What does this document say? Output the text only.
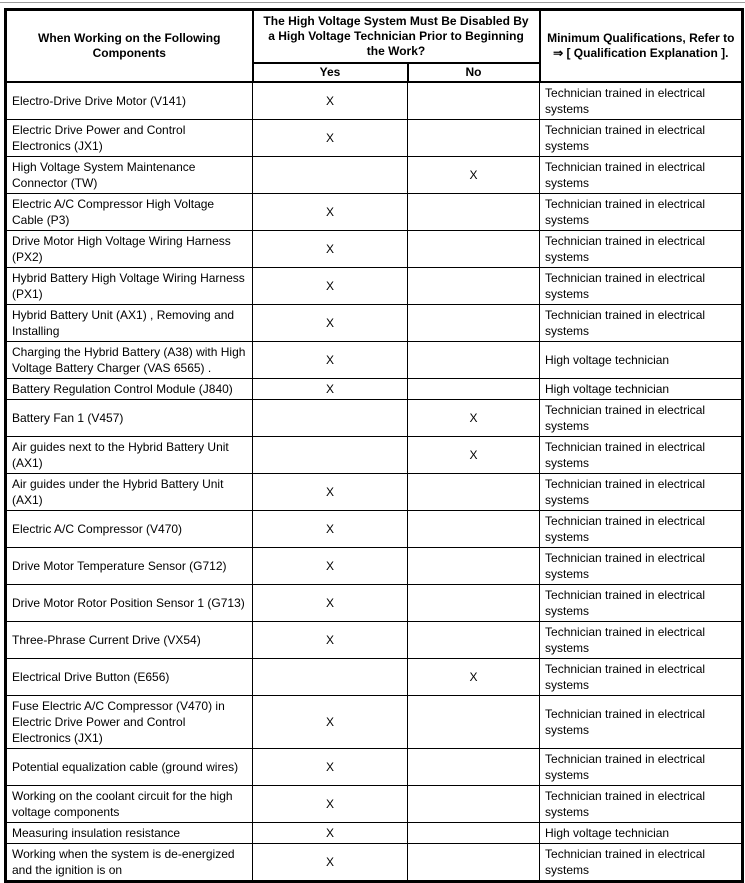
When Working on the Following Components	The High Voltage System Must Be Disabled By a High Voltage Technician Prior to Beginning the Work?		Minimum Qualifications, Refer to ⇒ [ Qualification Explanation ].
	Yes	No	
Electro-Drive Drive Motor (V141)	X		Technician trained in electrical systems
Electric Drive Power and Control Electronics (JX1)	X		Technician trained in electrical systems
High Voltage System Maintenance Connector (TW)		X	Technician trained in electrical systems
Electric A/C Compressor High Voltage Cable (P3)	X		Technician trained in electrical systems
Drive Motor High Voltage Wiring Harness (PX2)	X		Technician trained in electrical systems
Hybrid Battery High Voltage Wiring Harness (PX1)	X		Technician trained in electrical systems
Hybrid Battery Unit (AX1) , Removing and Installing	X		Technician trained in electrical systems
Charging the Hybrid Battery (A38) with High Voltage Battery Charger (VAS 6565) .	X		High voltage technician
Battery Regulation Control Module (J840)	X		High voltage technician
Battery Fan 1 (V457)		X	Technician trained in electrical systems
Air guides next to the Hybrid Battery Unit (AX1)		X	Technician trained in electrical systems
Air guides under the Hybrid Battery Unit (AX1)	X		Technician trained in electrical systems
Electric A/C Compressor (V470)	X		Technician trained in electrical systems
Drive Motor Temperature Sensor (G712)	X		Technician trained in electrical systems
Drive Motor Rotor Position Sensor 1 (G713)	X		Technician trained in electrical systems
Three-Phrase Current Drive (VX54)	X		Technician trained in electrical systems
Electrical Drive Button (E656)		X	Technician trained in electrical systems
Fuse Electric A/C Compressor (V470) in Electric Drive Power and Control Electronics (JX1)	X		Technician trained in electrical systems
Potential equalization cable (ground wires)	X		Technician trained in electrical systems
Working on the coolant circuit for the high voltage components	X		Technician trained in electrical systems
Measuring insulation resistance	X		High voltage technician
Working when the system is de-energized and the ignition is on	X		Technician trained in electrical systems
